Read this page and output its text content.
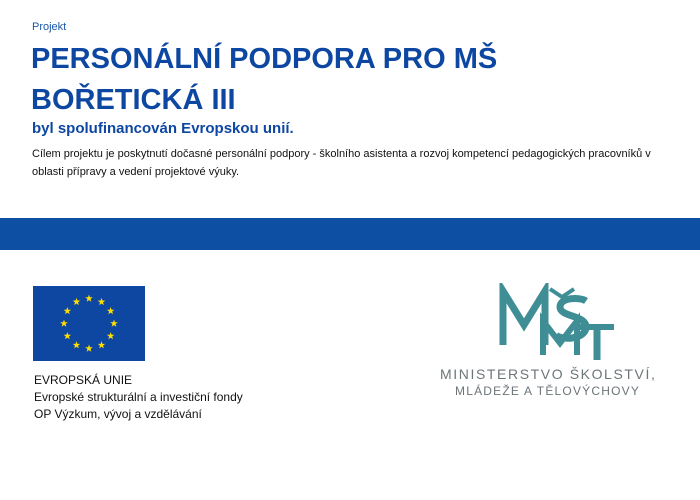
Projekt
PERSONÁLNÍ PODPORA PRO MŠ BOŘETICKÁ III
byl spolufinancován Evropskou unií.
Cílem projektu je poskytnutí dočasné personální podpory - školního asistenta a rozvoj kompetencí pedagogických pracovníků v oblasti přípravy a vedení projektové výuky.
EVROPSKÁ UNIE
Evropské strukturální a investiční fondy
OP Výzkum, vývoj a vzdělávání
MINISTERSTVO ŠKOLSTVÍ,
MLÁDEŽE A TĚLOVÝCHOVY
